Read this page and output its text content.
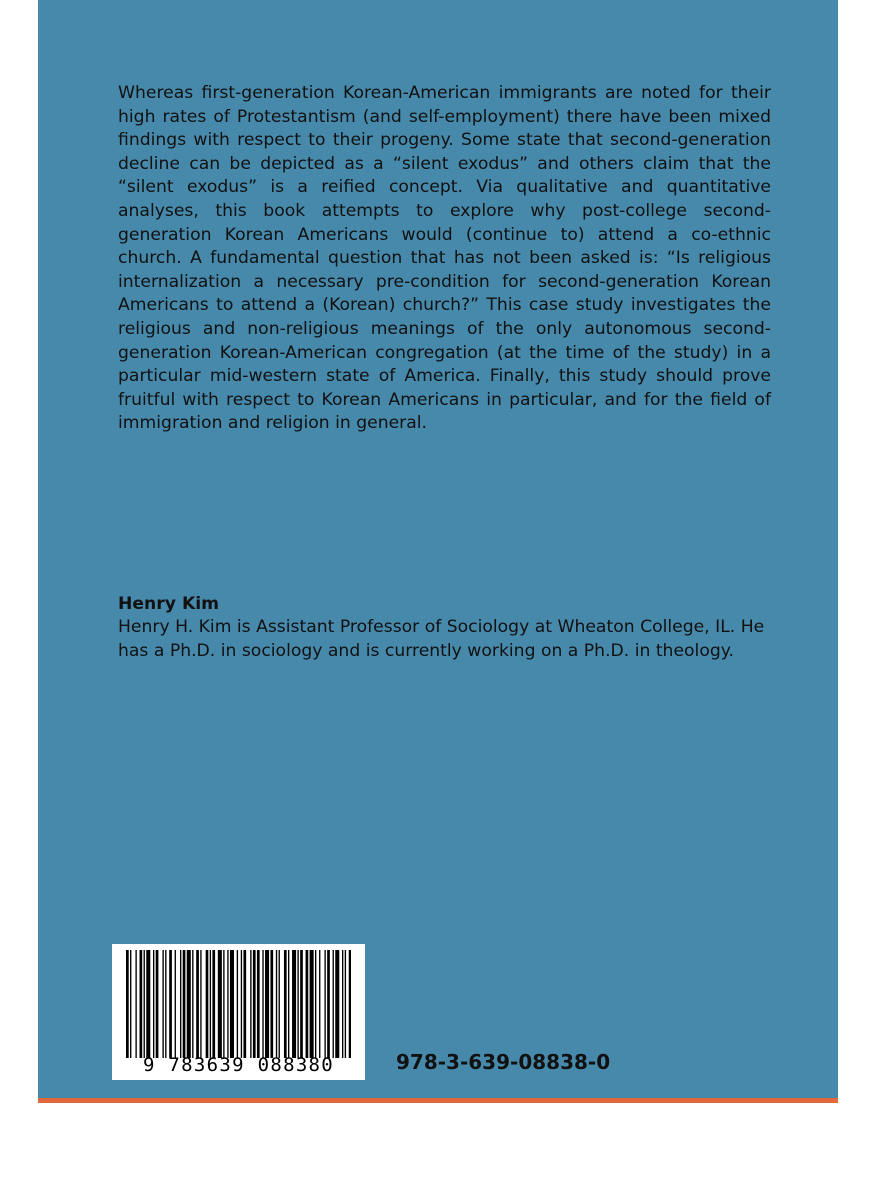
Whereas first-generation Korean-American immigrants are noted for their high rates of Protestantism (and self-employment) there have been mixed findings with respect to their progeny. Some state that second-generation decline can be depicted as a “silent exodus” and others claim that the “silent exodus” is a reified concept. Via qualitative and quantitative analyses, this book attempts to explore why post-college second-generation Korean Americans would (continue to) attend a co-ethnic church. A fundamental question that has not been asked is: “Is religious internalization a necessary pre-condition for second-generation Korean Americans to attend a (Korean) church?” This case study investigates the religious and non-religious meanings of the only autonomous second-generation Korean-American congregation (at the time of the study) in a particular mid-western state of America. Finally, this study should prove fruitful with respect to Korean Americans in particular, and for the field of immigration and religion in general.

Henry Kim

Henry H. Kim is Assistant Professor of Sociology at Wheaton College, IL. He has a Ph.D. in sociology and is currently working on a Ph.D. in theology.

9 783639 088380	978-3-639-08838-0
